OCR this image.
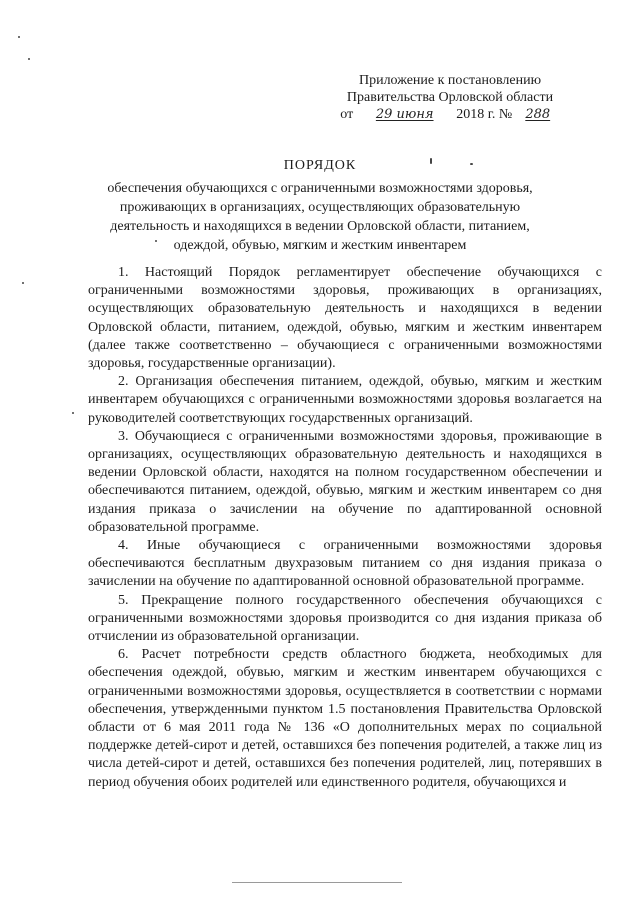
Приложение к постановлению
Правительства Орловской области
от 29 июня 2018 г. № 288
ПОРЯДОК
обеспечения обучающихся с ограниченными возможностями здоровья,
проживающих в организациях, осуществляющих образовательную
деятельность и находящихся в ведении Орловской области, питанием,
одеждой, обувью, мягким и жестким инвентарем

1. Настоящий Порядок регламентирует обеспечение обучающихся с ограниченными возможностями здоровья, проживающих в организациях, осуществляющих образовательную деятельность и находящихся в ведении Орловской области, питанием, одеждой, обувью, мягким и жестким инвентарем (далее также соответственно – обучающиеся с ограниченными возможностями здоровья, государственные организации).

2. Организация обеспечения питанием, одеждой, обувью, мягким и жестким инвентарем обучающихся с ограниченными возможностями здоровья возлагается на руководителей соответствующих государственных организаций.

3. Обучающиеся с ограниченными возможностями здоровья, проживающие в организациях, осуществляющих образовательную деятельность и находящихся в ведении Орловской области, находятся на полном государственном обеспечении и обеспечиваются питанием, одеждой, обувью, мягким и жестким инвентарем со дня издания приказа о зачислении на обучение по адаптированной основной образовательной программе.

4. Иные обучающиеся с ограниченными возможностями здоровья обеспечиваются бесплатным двухразовым питанием со дня издания приказа о зачислении на обучение по адаптированной основной образовательной программе.

5. Прекращение полного государственного обеспечения обучающихся с ограниченными возможностями здоровья производится со дня издания приказа об отчислении из образовательной организации.

6. Расчет потребности средств областного бюджета, необходимых для обеспечения одеждой, обувью, мягким и жестким инвентарем обучающихся с ограниченными возможностями здоровья, осуществляется в соответствии с нормами обеспечения, утвержденными пунктом 1.5 постановления Правительства Орловской области от 6 мая 2011 года № 136 «О дополнительных мерах по социальной поддержке детей-сирот и детей, оставшихся без попечения родителей, а также лиц из числа детей-сирот и детей, оставшихся без попечения родителей, лиц, потерявших в период обучения обоих родителей или единственного родителя, обучающихся и
